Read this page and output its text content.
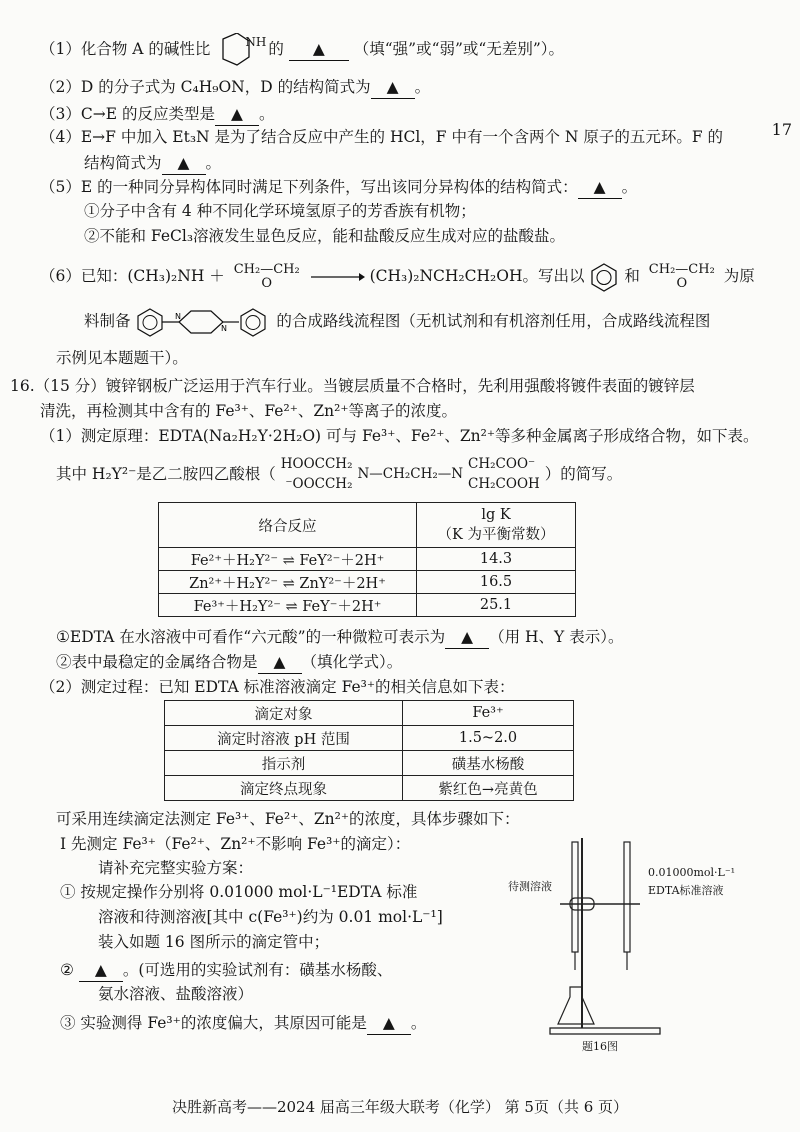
（1）化合物 A 的碱性比	$^{NH}$ 的 ▲ （填“强”或“弱”或“无差别”）。
（2）D 的分子式为 C₄H₉ON，D 的结构简式为 ▲ 。
（3）C→E 的反应类型是 ▲ 。
（4）E→F 中加入 Et₃N 是为了结合反应中产生的 HCl，F 中有一个含两个 N 原子的五元环。F 的
结构简式为 ▲ 。
17
（5）E 的一种同分异构体同时满足下列条件，写出该同分异构体的结构简式： ▲ 。
①分子中含有 4 种不同化学环境氢原子的芳香族有机物；
②不能和 FeCl₃溶液发生显色反应，能和盐酸反应生成对应的盐酸盐。
（6）已知：(CH₃)₂NH ＋ CH₂—CH₂
O	→ (CH₃)₂NCH₂CH₂OH。写出以	和 CH₂—CH₂
O	为原
料制备	N
N	的合成路线流程图（无机试剂和有机溶剂任用，合成路线流程图
示例见本题题干）。
16.（15 分）镀锌钢板广泛运用于汽车行业。当镀层质量不合格时，先利用强酸将镀件表面的镀锌层
清洗，再检测其中含有的 Fe³⁺、Fe²⁺、Zn²⁺等离子的浓度。
（1）测定原理：EDTA(Na₂H₂Y·2H₂O) 可与 Fe³⁺、Fe²⁺、Zn²⁺等多种金属离子形成络合物，如下表。
其中 H₂Y²⁻是乙二胺四乙酸根（
HOOCCH₂
⁻OOCCH₂
N—CH₂CH₂—N
CH₂COO⁻
CH₂COOH
）的简写。
络合反应	lg K
（K 为平衡常数）

Fe²⁺＋H₂Y²⁻ ⇌ FeY²⁻＋2H⁺	14.3
Zn²⁺＋H₂Y²⁻ ⇌ ZnY²⁻＋2H⁺	16.5
Fe³⁺＋H₂Y²⁻ ⇌ FeY⁻＋2H⁺	25.1
①EDTA 在水溶液中可看作“六元酸”的一种微粒可表示为 ▲ （用 H、Y 表示）。
②表中最稳定的金属络合物是 ▲ （填化学式）。
（2）测定过程：已知 EDTA 标准溶液滴定 Fe³⁺的相关信息如下表：
滴定对象	Fe³⁺
滴定时溶液 pH 范围	1.5~2.0
指示剂	磺基水杨酸
滴定终点现象	紫红色→亮黄色
可采用连续滴定法测定 Fe³⁺、Fe²⁺、Zn²⁺的浓度，具体步骤如下：
Ⅰ 先测定 Fe³⁺（Fe²⁺、Zn²⁺不影响 Fe³⁺的滴定）：
请补充完整实验方案：
① 按规定操作分别将 0.01000 mol·L⁻¹EDTA 标准
溶液和待测溶液[其中 c(Fe³⁺)约为 0.01 mol·L⁻¹]
装入如题 16 图所示的滴定管中；
② ▲ 。(可选用的实验试剂有：磺基水杨酸、
氨水溶液、盐酸溶液）
③ 实验测得 Fe³⁺的浓度偏大，其原因可能是 ▲ 。
待测溶液
0.01000mol·L⁻¹
EDTA标准溶液
题16图
决胜新高考——2024 届高三年级大联考（化学） 第 5页（共 6 页）
